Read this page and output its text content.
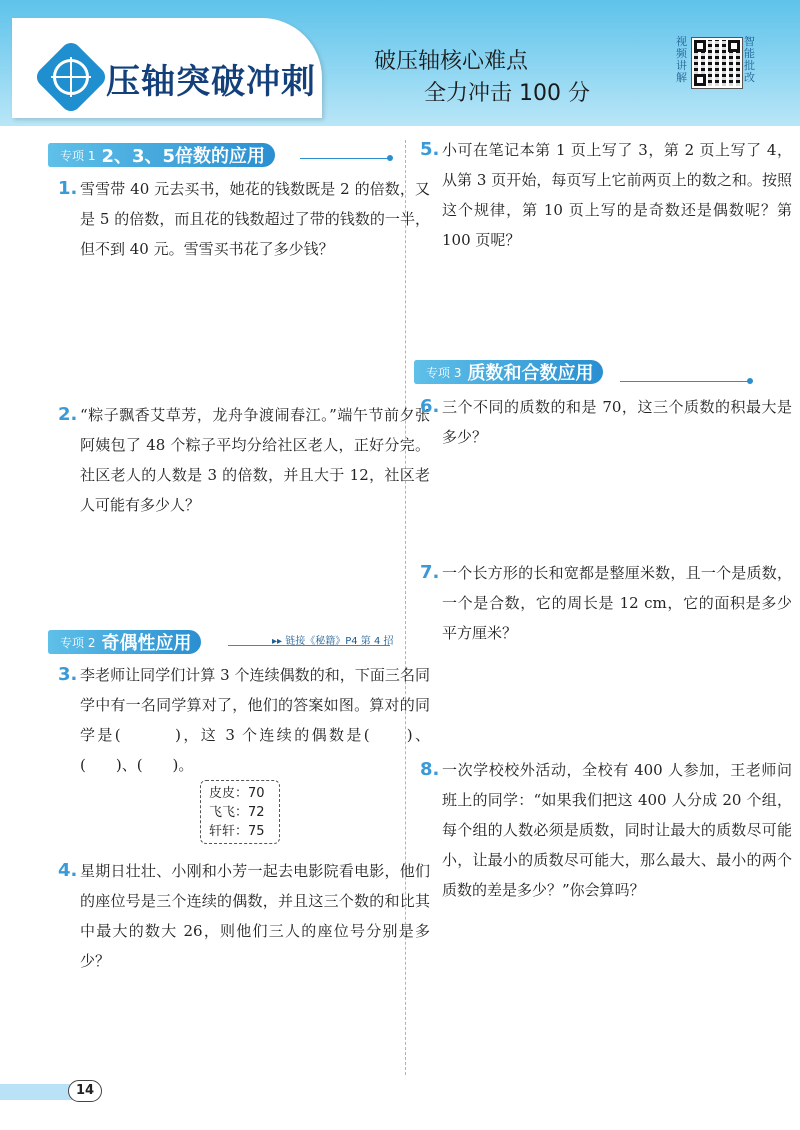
压轴突破冲刺
破压轴核心难点
全力冲击 100 分
视频讲解
智能批改
专项 1 2、3、5倍数的应用
1. 雪雪带 40 元去买书，她花的钱数既是 2 的倍数，又是 5 的倍数，而且花的钱数超过了带的钱数的一半，但不到 40 元。雪雪买书花了多少钱？
2. “粽子飘香艾草芳，龙舟争渡闹春江。”端午节前夕张阿姨包了 48 个粽子平均分给社区老人，正好分完。社区老人的人数是 3 的倍数，并且大于 12，社区老人可能有多少人？
专项 2 奇偶性应用	▸▸ 链接《秘籍》P4 第 4 招
3. 李老师让同学们计算 3 个连续偶数的和，下面三名同学中有一名同学算对了，他们的答案如图。算对的同学是(　　　)，这 3 个连续的偶数是(　　)、(　　)、(　　)。
皮皮：70
飞飞：72
轩轩：75
4. 星期日壮壮、小刚和小芳一起去电影院看电影，他们的座位号是三个连续的偶数，并且这三个数的和比其中最大的数大 26，则他们三人的座位号分别是多少？
5. 小可在笔记本第 1 页上写了 3，第 2 页上写了 4，从第 3 页开始，每页写上它前两页上的数之和。按照这个规律，第 10 页上写的是奇数还是偶数呢？第 100 页呢？
专项 3 质数和合数应用
6. 三个不同的质数的和是 70，这三个质数的积最大是多少？
7. 一个长方形的长和宽都是整厘米数，且一个是质数，一个是合数，它的周长是 12 cm，它的面积是多少平方厘米？
8. 一次学校校外活动，全校有 400 人参加，王老师问班上的同学：“如果我们把这 400 人分成 20 个组，每个组的人数必须是质数，同时让最大的质数尽可能小，让最小的质数尽可能大，那么最大、最小的两个质数的差是多少？”你会算吗？
14
